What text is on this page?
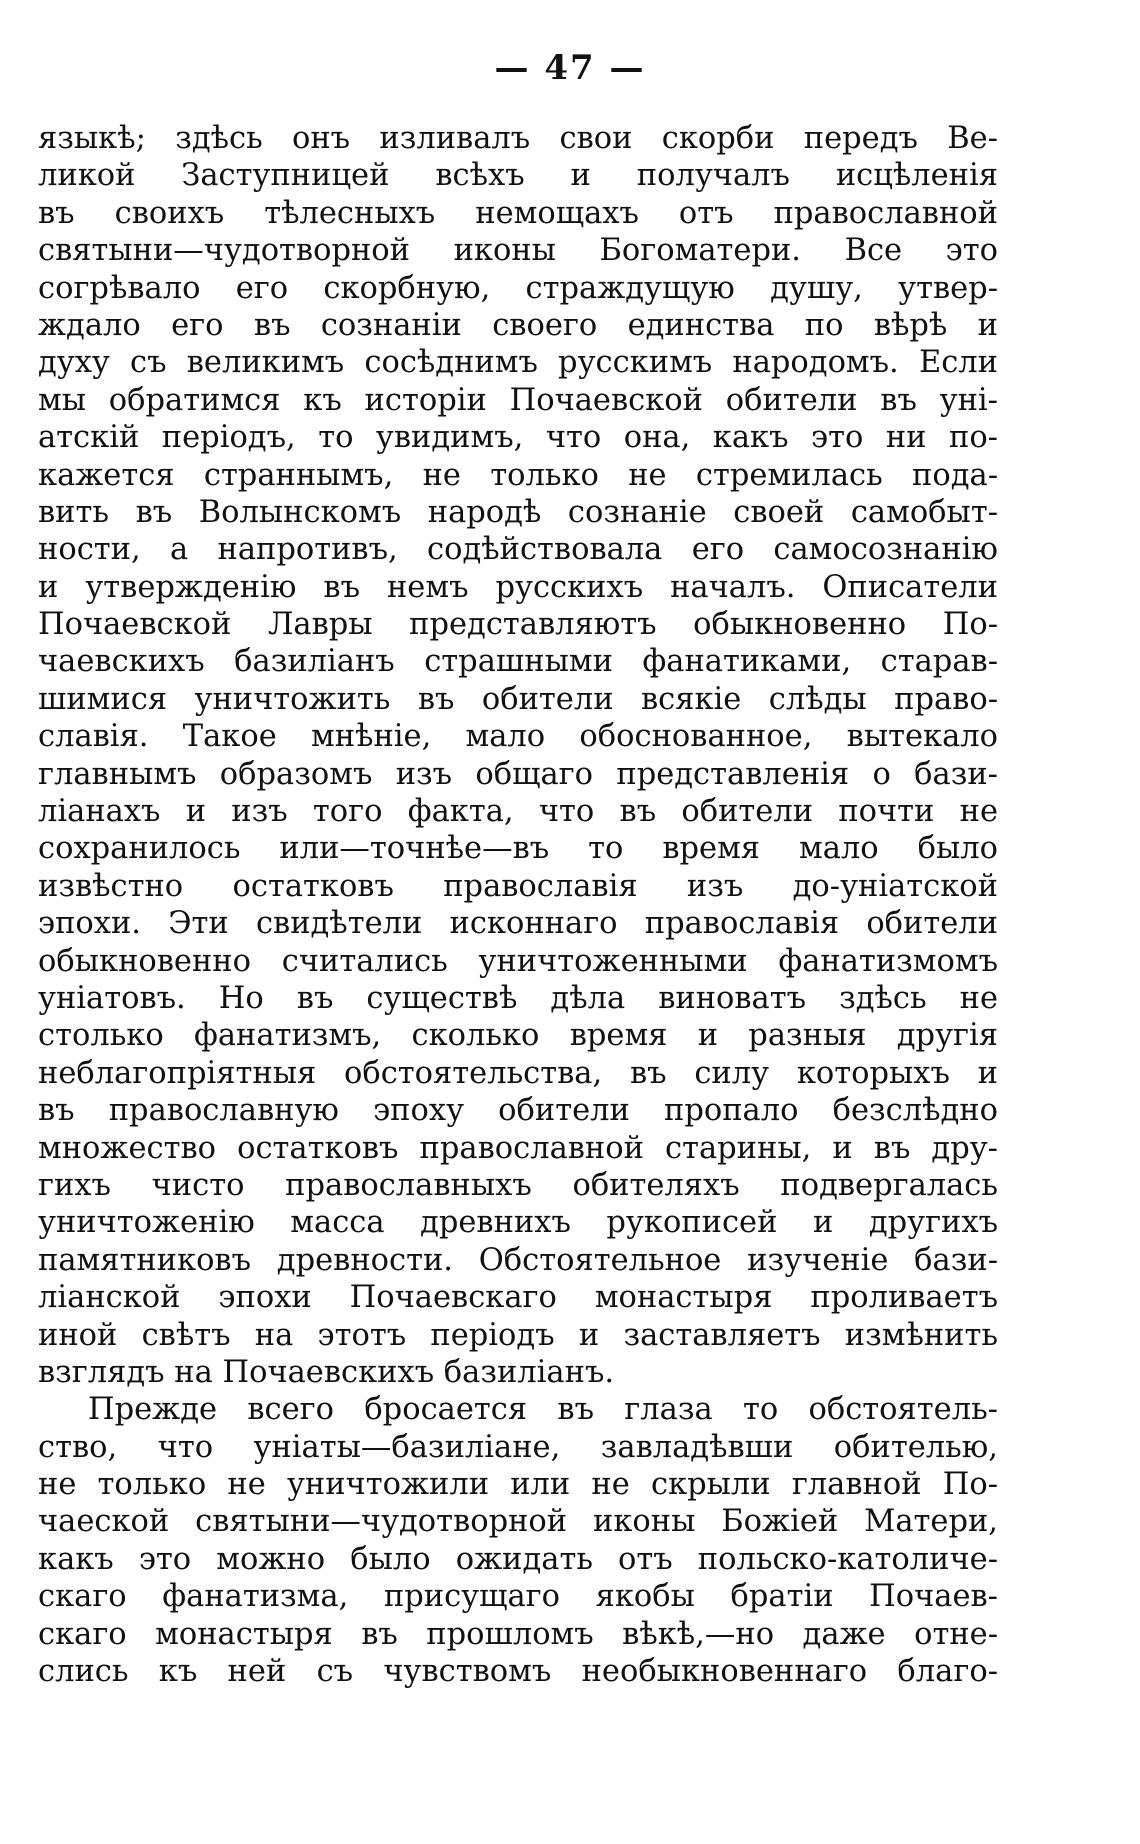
— 47 —
языкѣ; здѣсь онъ изливалъ свои скорби передъ Ве-
ликой Заступницей всѣхъ и получалъ исцѣленія
въ своихъ тѣлесныхъ немощахъ отъ православной
святыни—чудотворной иконы Богоматери. Все это
согрѣвало его скорбную, страждущую душу, утвер-
ждало его въ сознаніи своего единства по вѣрѣ и
духу съ великимъ сосѣднимъ русскимъ народомъ. Если
мы обратимся къ исторіи Почаевской обители въ уні-
атскій періодъ, то увидимъ, что она, какъ это ни по-
кажется страннымъ, не только не стремилась пода-
вить въ Волынскомъ народѣ сознаніе своей самобыт-
ности, а напротивъ, содѣйствовала его самосознанію
и утвержденію въ немъ русскихъ началъ. Описатели
Почаевской Лавры представляютъ обыкновенно По-
чаевскихъ базиліанъ страшными фанатиками, старав-
шимися уничтожить въ обители всякіе слѣды право-
славія. Такое мнѣніе, мало обоснованное, вытекало
главнымъ образомъ изъ общаго представленія о бази-
ліанахъ и изъ того факта, что въ обители почти не
сохранилось или—точнѣе—въ то время мало было
извѣстно остатковъ православія изъ до-уніатской
эпохи. Эти свидѣтели исконнаго православія обители
обыкновенно считались уничтоженными фанатизмомъ
уніатовъ. Но въ существѣ дѣла виноватъ здѣсь не
столько фанатизмъ, сколько время и разныя другія
неблагопріятныя обстоятельства, въ силу которыхъ и
въ православную эпоху обители пропало безслѣдно
множество остатковъ православной старины, и въ дру-
гихъ чисто православныхъ обителяхъ подвергалась
уничтоженію масса древнихъ рукописей и другихъ
памятниковъ древности. Обстоятельное изученіе бази-
ліанской эпохи Почаевскаго монастыря проливаетъ
иной свѣтъ на этотъ періодъ и заставляетъ измѣнить
взглядъ на Почаевскихъ базиліанъ.
Прежде всего бросается въ глаза то обстоятель-
ство, что уніаты—базиліане, завладѣвши обителью,
не только не уничтожили или не скрыли главной По-
чаеской святыни—чудотворной иконы Божіей Матери,
какъ это можно было ожидать отъ польско-католиче-
скаго фанатизма, присущаго якобы братіи Почаев-
скаго монастыря въ прошломъ вѣкѣ,—но даже отне-
слись къ ней съ чувствомъ необыкновеннаго благо-
